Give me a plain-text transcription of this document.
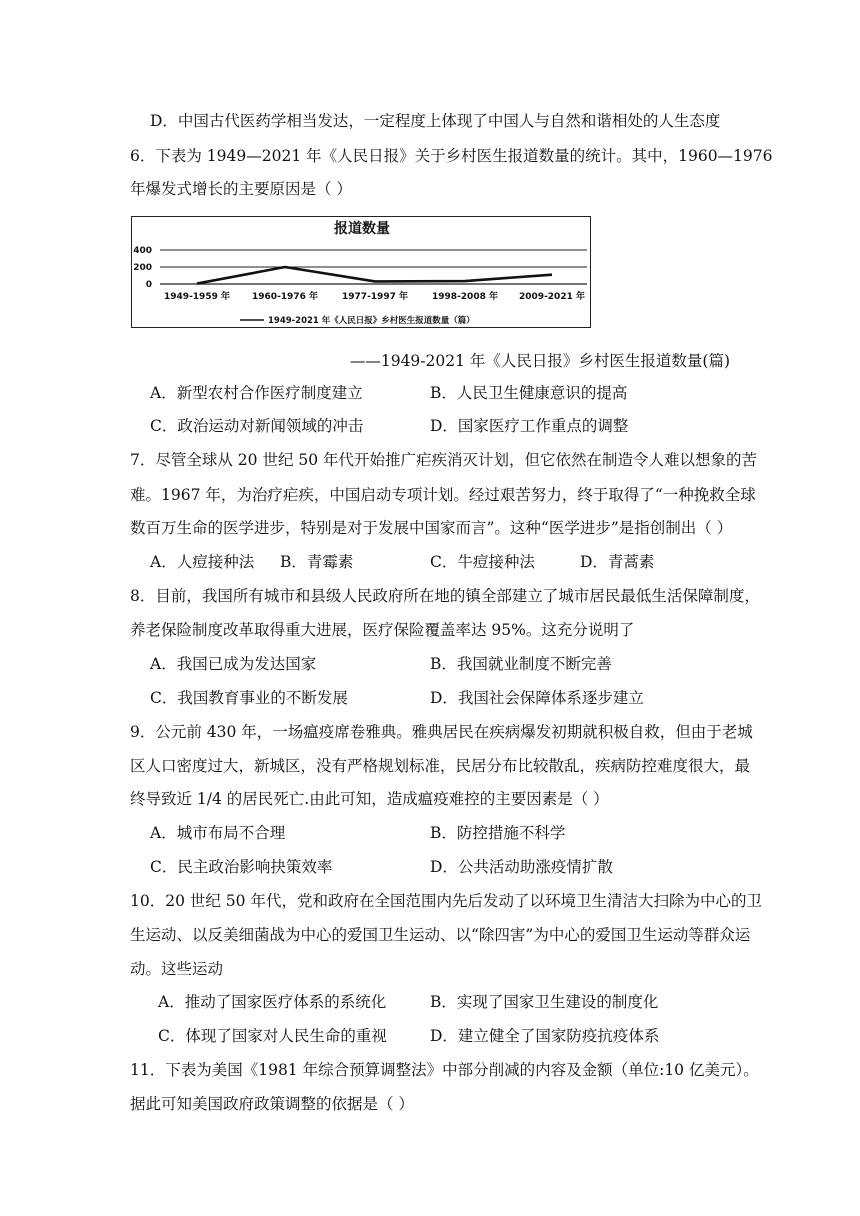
D．中国古代医药学相当发达，一定程度上体现了中国人与自然和谐相处的人生态度
6．下表为 1949—2021 年《人民日报》关于乡村医生报道数量的统计。其中，1960—1976
年爆发式增长的主要原因是（ ）
报道数量
400
200
0
1949-1959 年 1960-1976 年	1977-1997 年	1998-2008 年 2009-2021 年
1949-2021 年《人民日报》乡村医生报道数量（篇）
——1949-2021 年《人民日报》乡村医生报道数量(篇)
A．新型农村合作医疗制度建立	B．人民卫生健康意识的提高
C．政治运动对新闻领域的冲击	D．国家医疗工作重点的调整
7．尽管全球从 20 世纪 50 年代开始推广疟疾消灭计划，但它依然在制造令人难以想象的苦
难。1967 年，为治疗疟疾，中国启动专项计划。经过艰苦努力，终于取得了“一种挽救全球
数百万生命的医学进步，特别是对于发展中国家而言”。这种“医学进步”是指创制出（ ）
A．人痘接种法 B．青霉素	C．牛痘接种法	D．青蒿素
8．目前，我国所有城市和县级人民政府所在地的镇全部建立了城市居民最低生活保障制度，
养老保险制度改革取得重大进展，医疗保险覆盖率达 95%。这充分说明了
A．我国已成为发达国家	B．我国就业制度不断完善
C．我国教育事业的不断发展	D．我国社会保障体系逐步建立
9．公元前 430 年，一场瘟疫席卷雅典。雅典居民在疾病爆发初期就积极自救，但由于老城
区人口密度过大，新城区，没有严格规划标准，民居分布比较散乱，疾病防控难度很大，最
终导致近 1/4 的居民死亡.由此可知，造成瘟疫难控的主要因素是（ ）
A．城市布局不合理	B．防控措施不科学
C．民主政治影响抉策效率	D．公共活动助涨疫情扩散
10．20 世纪 50 年代，党和政府在全国范围内先后发动了以环境卫生清洁大扫除为中心的卫
生运动、以反美细菌战为中心的爱国卫生运动、以“除四害”为中心的爱国卫生运动等群众运
动。这些运动
A．推动了国家医疗体系的系统化	B．实现了国家卫生建设的制度化
C．体现了国家对人民生命的重视	D．建立健全了国家防疫抗疫体系
11．下表为美国《1981 年综合预算调整法》中部分削减的内容及金额（单位:10 亿美元）。
据此可知美国政府政策调整的依据是（ ）
